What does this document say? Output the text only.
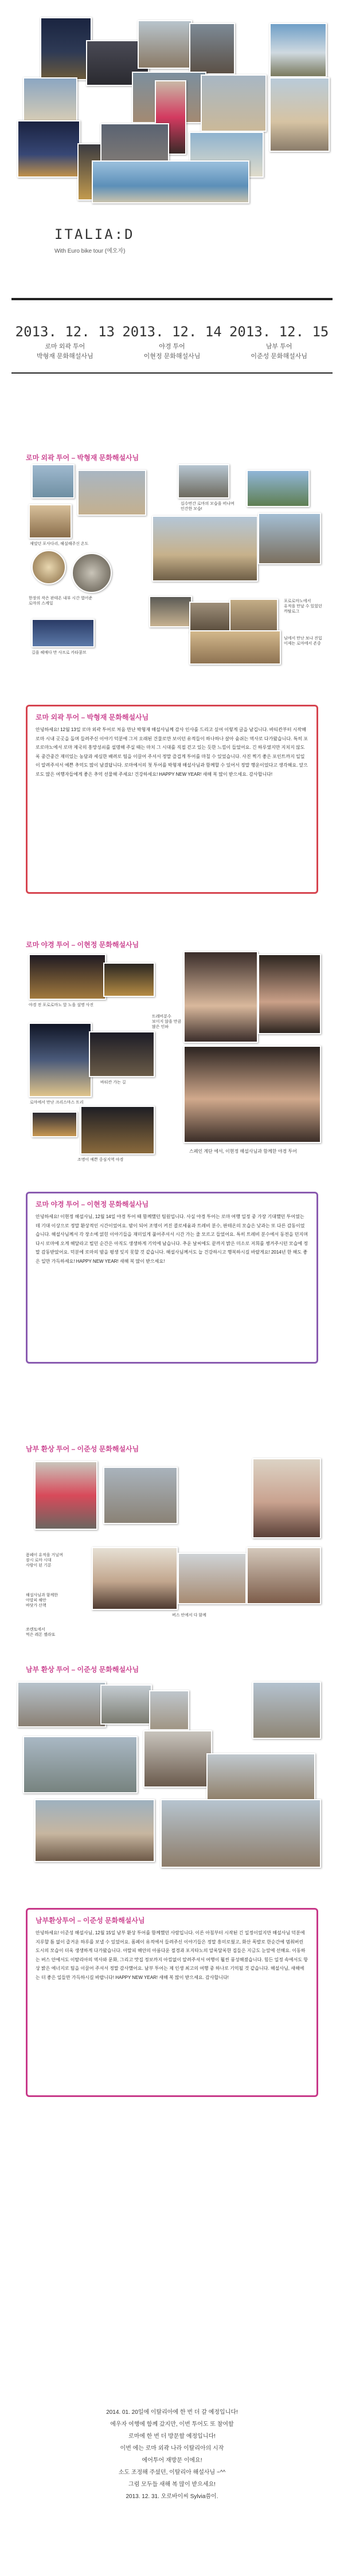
ITALIA:D
With Euro bike tour (에오자)
2013. 12. 13
로마 외곽 투어
박형재 문화해설사님
2013. 12. 14
야경 투어
이현정 문화해설사님
2013. 12. 15
남부 투어
이준성 문화해설사님
로마 외곽 투어 – 박형재 문화해설사님
십수번간 로마의 모습을 떠나며
인간한 모습!
재밌던 포사다리, 해설해주신 온도
한장의 작은 판테온 내부 시간 열어준
로마의 스케일
길을 헤매다 만 사프로 카타콤브
포로로마노에서
유적을 만날 수 있었던
까탈로그
님에서 만난 보나 진입
이제는 로마에서 존중
로마 외곽 투어 – 박형재 문화해설사님
안녕하세요! 12월 13일 로마 외곽 투어로 처음 만난 박형재 해설사님께 감사 인사를 드리고 싶어 이렇게 글을 남깁니다. 바티칸부터 시작해 로마 시내 곳곳을 돌며 들려주신 이야기 덕분에 그저 오래된 건물로만 보이던 유적들이 하나하나 살아 숨쉬는 역사로 다가왔습니다. 특히 포로로마노에서 로마 제국의 흥망성쇠를 설명해 주실 때는 마치 그 시대를 직접 걷고 있는 듯한 느낌이 들었어요. 긴 하루였지만 지치지 않도록 중간중간 재미있는 농담과 세심한 배려로 팀을 이끌어 주셔서 정말 즐겁게 투어를 마칠 수 있었습니다. 사진 찍기 좋은 포인트까지 일일이 알려주셔서 예쁜 추억도 많이 남겼답니다. 로마에서의 첫 투어를 박형재 해설사님과 함께할 수 있어서 정말 행운이었다고 생각해요. 앞으로도 많은 여행자들에게 좋은 추억 선물해 주세요! 건강하세요! HAPPY NEW YEAR! 새해 복 많이 받으세요. 감사합니다!
로마 야경 투어 – 이현정 문화해설사님
야경 전 포로로마노 앞 노을 설명 사진
트레비분수
보이지 않을 만큼
많은 인파
바티칸 가는 길
로마에서 만난 크리스마스 트리
조명이 예쁜 중심지역 야경
스페인 계단 에서, 이현정 해설사님과 함께한 야경 투어
로마 야경 투어 – 이현정 문화해설사님
안녕하세요! 이현정 해설사님, 12월 14일 야경 투어 때 함께했던 팀원입니다. 사실 야경 투어는 로마 여행 일정 중 가장 기대했던 투어였는데 기대 이상으로 정말 환상적인 시간이었어요. 밤이 되어 조명이 켜진 콜로세움과 트레비 분수, 판테온의 모습은 낮과는 또 다른 감동이었습니다. 해설사님께서 각 장소에 얽힌 이야기들을 재미있게 풀어주셔서 시간 가는 줄 모르고 들었어요. 특히 트레비 분수에서 동전을 던지며 다시 로마에 오게 해달라고 빌던 순간은 아직도 생생하게 기억에 남습니다. 추운 날씨에도 끝까지 밝은 미소로 저희를 챙겨주시던 모습에 정말 감동받았어요. 덕분에 로마의 밤을 평생 잊지 못할 것 같습니다. 해설사님께서도 늘 건강하시고 행복하시길 바랄게요! 2014년 한 해도 좋은 일만 가득하세요! HAPPY NEW YEAR! 새해 복 많이 받으세요!
남부 환상 투어 – 이준성 문화해설사님
폼페이 유적을 거닐며
잠시 로마 시대
사람이 된 기분
해설사님과 함께한
아말피 해안
바닷가 산책
쏘렌토에서
먹은 레몬 젤라또
버스 안에서 다 함께
남부 환상 투어 – 이준성 문화해설사님
남부환상투어 – 이준성 문화해설사님
안녕하세요! 이준성 해설사님, 12월 15일 남부 환상 투어를 함께했던 사람입니다. 이른 아침부터 시작된 긴 일정이었지만 해설사님 덕분에 지루할 틈 없이 즐거운 하루를 보낼 수 있었어요. 폼페이 유적에서 들려주신 이야기들은 정말 흥미로웠고, 화산 폭발로 한순간에 멈춰버린 도시의 모습이 더욱 생생하게 다가왔습니다. 아말피 해안의 아름다운 절경과 포지타노의 알록달록한 집들은 지금도 눈앞에 선해요. 이동하는 버스 안에서도 이탈리아의 역사와 문화, 그리고 맛집 정보까지 아낌없이 알려주셔서 여행이 훨씬 풍성해졌습니다. 힘든 일정 속에서도 항상 밝은 에너지로 팀을 이끌어 주셔서 정말 감사했어요. 남부 투어는 제 인생 최고의 여행 중 하나로 기억될 것 같습니다. 해설사님, 새해에는 더 좋은 일들만 가득하시길 바랍니다! HAPPY NEW YEAR! 새해 복 많이 받으세요. 감사합니다!
2014. 01. 20일에 이탈리아에 한 번 더 갈 예정입니다!
에우자 여행에 함께 갔지만, 이번 투어도 또 참여할
로마에 한 번 더 방문할 예정입니다!
이번 에는 로마 외곽 나라 이탈리아의 시작
에어투어 재방문 이에요!
소도 조정해 주셨던, 이탈리아 해설사님 ~^^
그럼 모두들 새해 복 많이 받으세요!
2013. 12. 31. 오로바이씨 Sylvia씀이.
